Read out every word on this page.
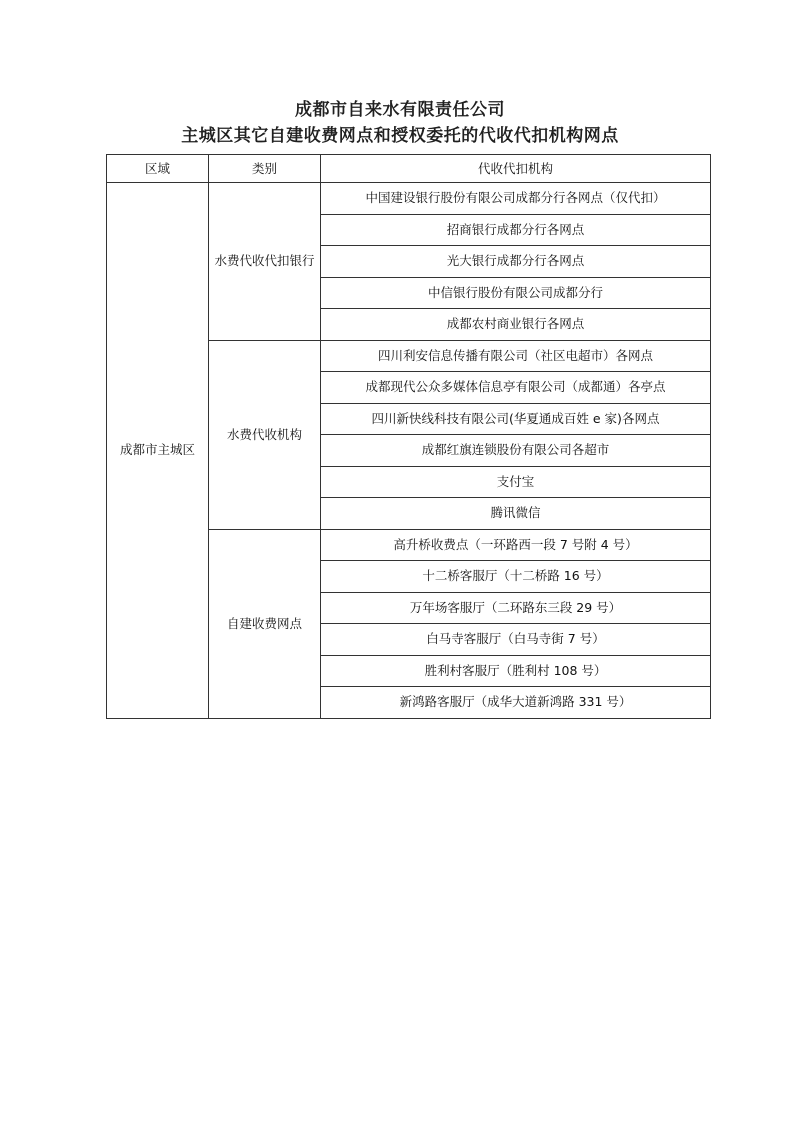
成都市自来水有限责任公司
主城区其它自建收费网点和授权委托的代收代扣机构网点
区域	类别	代收代扣机构
成都市主城区	水费代收代扣银行	中国建设银行股份有限公司成都分行各网点（仅代扣）
		招商银行成都分行各网点
		光大银行成都分行各网点
		中信银行股份有限公司成都分行
		成都农村商业银行各网点
	水费代收机构	四川利安信息传播有限公司（社区电超市）各网点
		成都现代公众多媒体信息亭有限公司（成都通）各亭点
		四川新快线科技有限公司(华夏通成百姓 e 家)各网点
		成都红旗连锁股份有限公司各超市
		支付宝
		腾讯微信
	自建收费网点	高升桥收费点（一环路西一段 7 号附 4 号）
		十二桥客服厅（十二桥路 16 号）
		万年场客服厅（二环路东三段 29 号）
		白马寺客服厅（白马寺街 7 号）
		胜利村客服厅（胜利村 108 号）
		新鸿路客服厅（成华大道新鸿路 331 号）
